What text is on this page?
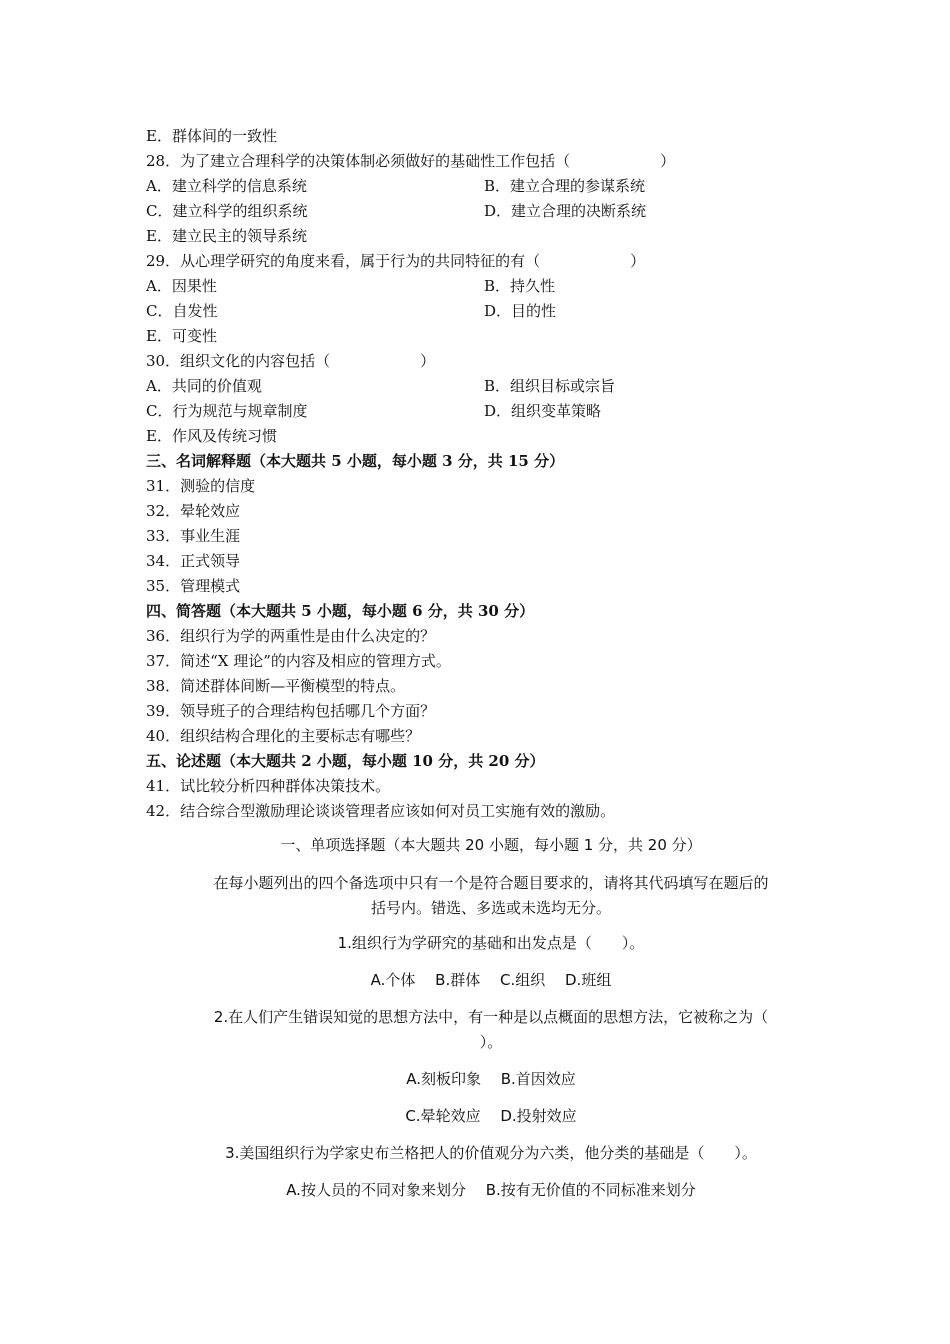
E．群体间的一致性
28．为了建立合理科学的决策体制必须做好的基础性工作包括（　　　　　　）
A．建立科学的信息系统	B．建立合理的参谋系统
C．建立科学的组织系统	D．建立合理的决断系统
E．建立民主的领导系统
29．从心理学研究的角度来看，属于行为的共同特征的有（　　　　　　）
A．因果性	B．持久性
C．自发性	D．目的性
E．可变性
30．组织文化的内容包括（　　　　　　）
A．共同的价值观	B．组织目标或宗旨
C．行为规范与规章制度	D．组织变革策略
E．作风及传统习惯
三、名词解释题（本大题共 5 小题，每小题 3 分，共 15 分）
31．测验的信度
32．晕轮效应
33．事业生涯
34．正式领导
35．管理模式
四、简答题（本大题共 5 小题，每小题 6 分，共 30 分）
36．组织行为学的两重性是由什么决定的？
37．简述“X 理论”的内容及相应的管理方式。
38．简述群体间断—平衡模型的特点。
39．领导班子的合理结构包括哪几个方面？
40．组织结构合理化的主要标志有哪些？
五、论述题（本大题共 2 小题，每小题 10 分，共 20 分）
41．试比较分析四种群体决策技术。
42．结合综合型激励理论谈谈管理者应该如何对员工实施有效的激励。
一、单项选择题（本大题共 20 小题，每小题 1 分，共 20 分）
在每小题列出的四个备选项中只有一个是符合题目要求的，请将其代码填写在题后的
括号内。错选、多选或未选均无分。
1.组织行为学研究的基础和出发点是（　　）。
A.个体　 B.群体　 C.组织　 D.班组
2.在人们产生错误知觉的思想方法中，有一种是以点概面的思想方法，它被称之为（
）。
A.刻板印象　 B.首因效应
C.晕轮效应　 D.投射效应
3.美国组织行为学家史布兰格把人的价值观分为六类，他分类的基础是（　　）。
A.按人员的不同对象来划分　 B.按有无价值的不同标准来划分
